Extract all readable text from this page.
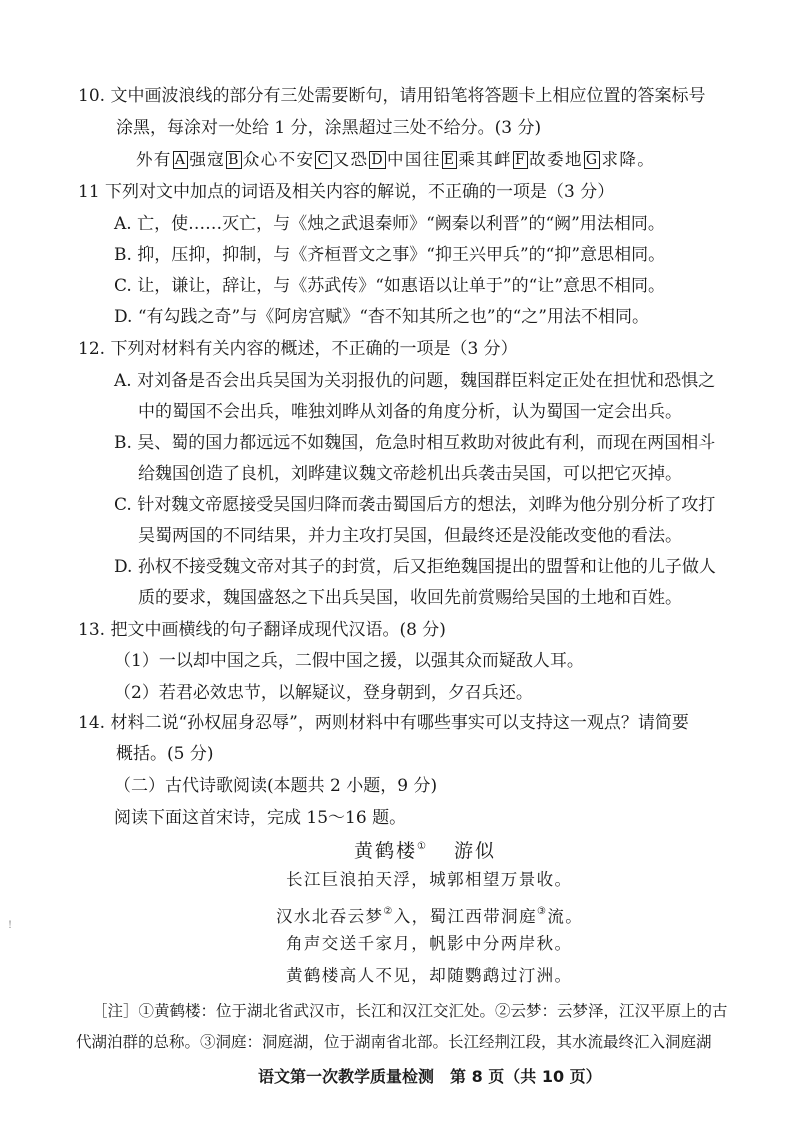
10. 文中画波浪线的部分有三处需要断句，请用铅笔将答题卡上相应位置的答案标号
涂黑，每涂对一处给 1 分，涂黑超过三处不给分。(3 分)
外有 A 强寇 B 众心不安 C 又恐 D 中国往 E 乘其衅 F 故委地 G 求降。
11 下列对文中加点的词语及相关内容的解说，不正确的一项是（3 分）
A. 亡，使……灭亡，与《烛之武退秦师》“阙秦以利晋”的“阙”用法相同。
B. 抑，压抑，抑制，与《齐桓晋文之事》“抑王兴甲兵”的“抑”意思相同。
C. 让，谦让，辞让，与《苏武传》“如惠语以让单于”的“让”意思不相同。
D. “有勾践之奇”与《阿房宫赋》“杳不知其所之也”的“之”用法不相同。
12. 下列对材料有关内容的概述，不正确的一项是（3 分）
A. 对刘备是否会出兵吴国为关羽报仇的问题，魏国群臣料定正处在担忧和恐惧之
中的蜀国不会出兵，唯独刘晔从刘备的角度分析，认为蜀国一定会出兵。
B. 吴、蜀的国力都远远不如魏国，危急时相互救助对彼此有利，而现在两国相斗
给魏国创造了良机，刘晔建议魏文帝趁机出兵袭击吴国，可以把它灭掉。
C. 针对魏文帝愿接受吴国归降而袭击蜀国后方的想法，刘晔为他分别分析了攻打
吴蜀两国的不同结果，并力主攻打吴国，但最终还是没能改变他的看法。
D. 孙权不接受魏文帝对其子的封赏，后又拒绝魏国提出的盟誓和让他的儿子做人
质的要求，魏国盛怒之下出兵吴国，收回先前赏赐给吴国的土地和百姓。
13. 把文中画横线的句子翻译成现代汉语。(8 分)
（1）一以却中国之兵，二假中国之援，以强其众而疑敌人耳。
（2）若君必效忠节，以解疑议，登身朝到，夕召兵还。
14. 材料二说“孙权屈身忍辱”，两则材料中有哪些事实可以支持这一观点？请简要
概括。(5 分)
（二）古代诗歌阅读(本题共 2 小题，9 分)
阅读下面这首宋诗，完成 15～16 题。
黄鹤楼① 游似
长江巨浪拍天浮，城郭相望万景收。
汉水北吞云梦②入，蜀江西带洞庭③流。
角声交送千家月，帆影中分两岸秋。
黄鹤楼高人不见，却随鹦鹉过汀洲。
［注］①黄鹤楼：位于湖北省武汉市，长江和汉江交汇处。②云梦：云梦泽，江汉平原上的古
代湖泊群的总称。③洞庭：洞庭湖，位于湖南省北部。长江经荆江段，其水流最终汇入洞庭湖
语文第一次教学质量检测　第 8 页（共 10 页）
!
